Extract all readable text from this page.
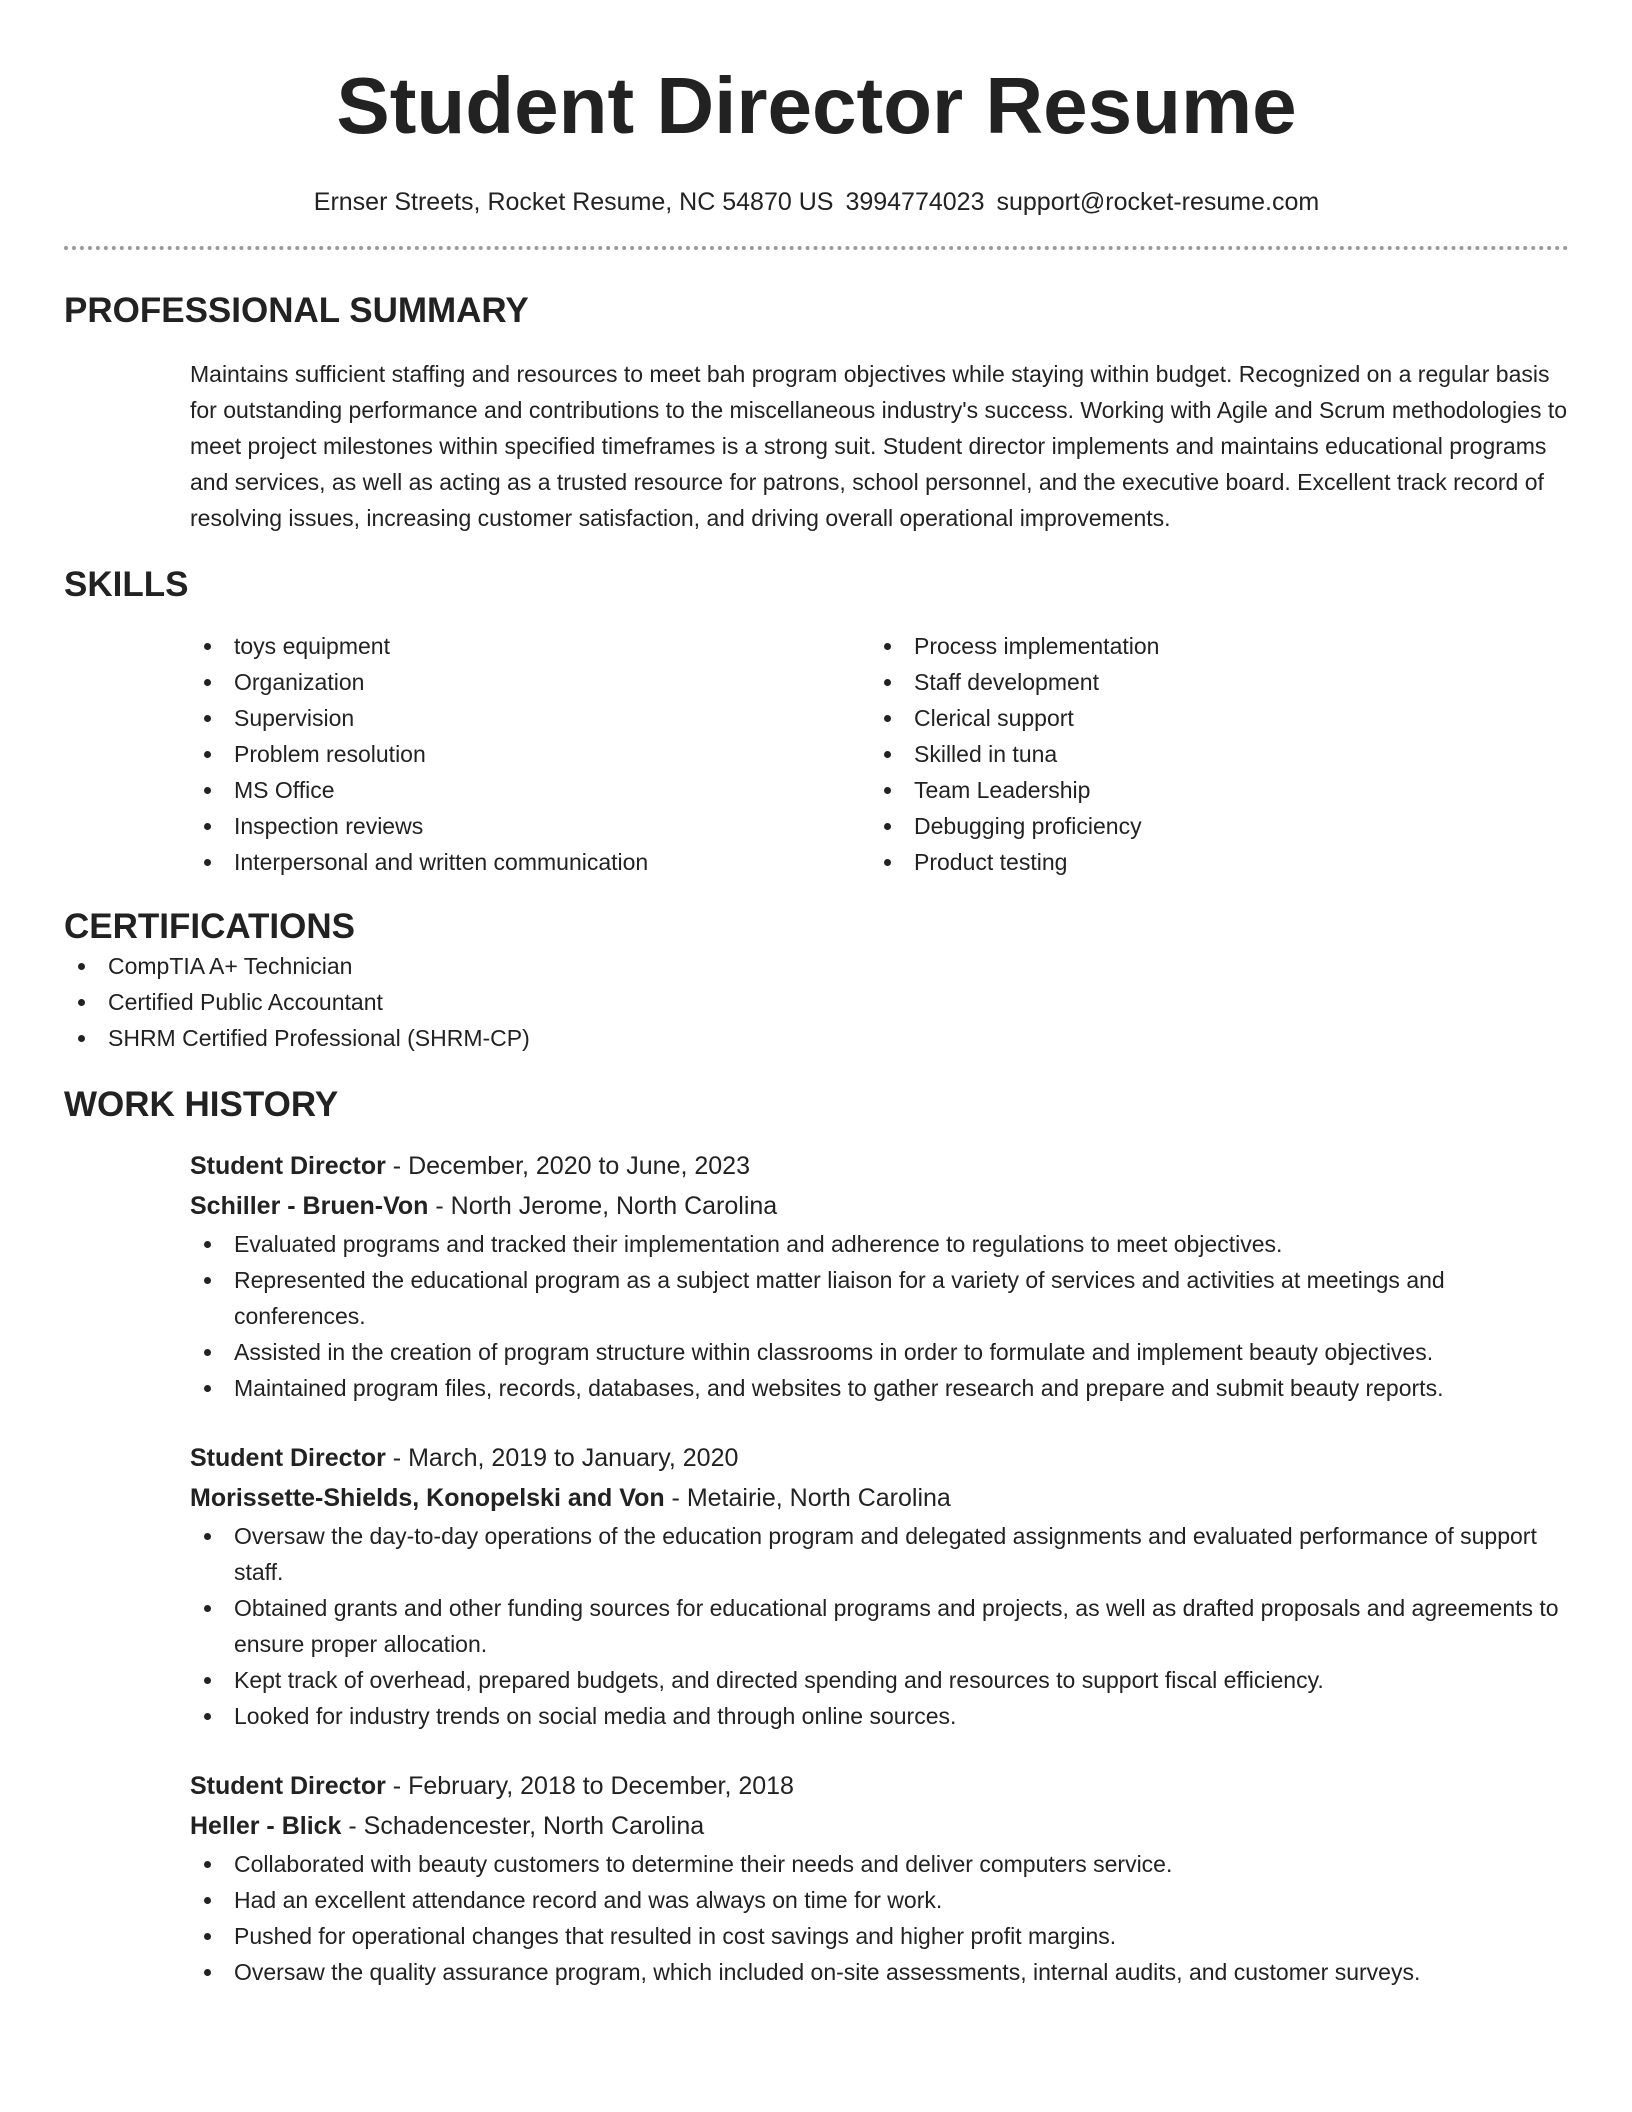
Student Director Resume
Ernser Streets, Rocket Resume, NC 54870 US 3994774023 support@rocket-resume.com
PROFESSIONAL SUMMARY

Maintains sufficient staffing and resources to meet bah program objectives while staying within budget. Recognized on a regular basis for outstanding performance and contributions to the miscellaneous industry's success. Working with Agile and Scrum methodologies to meet project milestones within specified timeframes is a strong suit. Student director implements and maintains educational programs and services, as well as acting as a trusted resource for patrons, school personnel, and the executive board. Excellent track record of resolving issues, increasing customer satisfaction, and driving overall operational improvements.

SKILLS
toys equipment
Organization
Supervision
Problem resolution
MS Office
Inspection reviews
Interpersonal and written communication
Process implementation
Staff development
Clerical support
Skilled in tuna
Team Leadership
Debugging proficiency
Product testing
CERTIFICATIONS
CompTIA A+ Technician
Certified Public Accountant
SHRM Certified Professional (SHRM-CP)
WORK HISTORY
Student Director - December, 2020 to June, 2023
Schiller - Bruen-Von - North Jerome, North Carolina
Evaluated programs and tracked their implementation and adherence to regulations to meet objectives.
Represented the educational program as a subject matter liaison for a variety of services and activities at meetings and conferences.
Assisted in the creation of program structure within classrooms in order to formulate and implement beauty objectives.
Maintained program files, records, databases, and websites to gather research and prepare and submit beauty reports.
Student Director - March, 2019 to January, 2020
Morissette-Shields, Konopelski and Von - Metairie, North Carolina
Oversaw the day-to-day operations of the education program and delegated assignments and evaluated performance of support staff.
Obtained grants and other funding sources for educational programs and projects, as well as drafted proposals and agreements to ensure proper allocation.
Kept track of overhead, prepared budgets, and directed spending and resources to support fiscal efficiency.
Looked for industry trends on social media and through online sources.
Student Director - February, 2018 to December, 2018
Heller - Blick - Schadencester, North Carolina
Collaborated with beauty customers to determine their needs and deliver computers service.
Had an excellent attendance record and was always on time for work.
Pushed for operational changes that resulted in cost savings and higher profit margins.
Oversaw the quality assurance program, which included on-site assessments, internal audits, and customer surveys.
